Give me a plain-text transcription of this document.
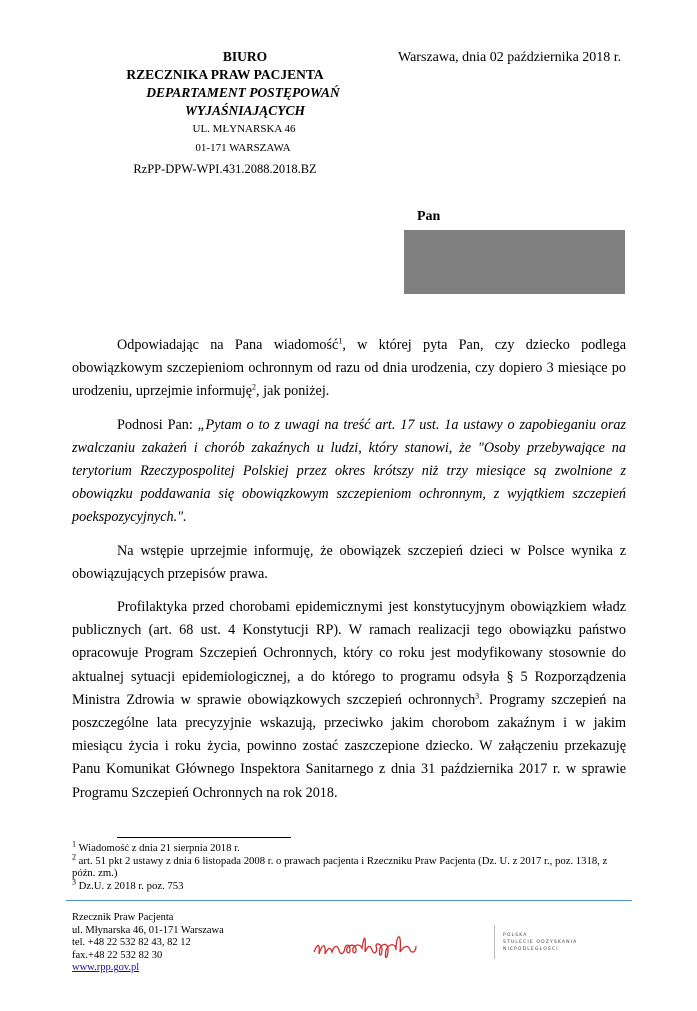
BIURO
RZECZNIKA PRAW PACJENTA
DEPARTAMENT POSTĘPOWAŃ
WYJAŚNIAJĄCYCH
UL. MŁYNARSKA 46
01-171 WARSZAWA
RzPP-DPW-WPI.431.2088.2018.BZ
Warszawa, dnia 02 października 2018 r.
Pan

Odpowiadając na Pana wiadomość$^1$, w której pyta Pan, czy dziecko podlega obowiązkowym szczepieniom ochronnym od razu od dnia urodzenia, czy dopiero 3 miesiące po urodzeniu, uprzejmie informuję$^2$, jak poniżej.

Podnosi Pan: „Pytam o to z uwagi na treść art. 17 ust. 1a ustawy o zapobieganiu oraz zwalczaniu zakażeń i chorób zakaźnych u ludzi, który stanowi, że "Osoby przebywające na terytorium Rzeczypospolitej Polskiej przez okres krótszy niż trzy miesiące są zwolnione z obowiązku poddawania się obowiązkowym szczepieniom ochronnym, z wyjątkiem szczepień poekspozycyjnych.".

Na wstępie uprzejmie informuję, że obowiązek szczepień dzieci w Polsce wynika z obowiązujących przepisów prawa.

Profilaktyka przed chorobami epidemicznymi jest konstytucyjnym obowiązkiem władz publicznych (art. 68 ust. 4 Konstytucji RP). W ramach realizacji tego obowiązku państwo opracowuje Program Szczepień Ochronnych, który co roku jest modyfikowany stosownie do aktualnej sytuacji epidemiologicznej, a do którego to programu odsyła § 5 Rozporządzenia Ministra Zdrowia w sprawie obowiązkowych szczepień ochronnych$^3$. Programy szczepień na poszczególne lata precyzyjnie wskazują, przeciwko jakim chorobom zakaźnym i w jakim miesiącu życia i roku życia, powinno zostać zaszczepione dziecko. W załączeniu przekazuję Panu Komunikat Głównego Inspektora Sanitarnego z dnia 31 października 2017 r. w sprawie Programu Szczepień Ochronnych na rok 2018.

$^1$ Wiadomość z dnia 21 sierpnia 2018 r.
$^2$ art. 51 pkt 2 ustawy z dnia 6 listopada 2008 r. o prawach pacjenta i Rzeczniku Praw Pacjenta (Dz. U. z 2017 r., poz. 1318, z późn. zm.)
$^3$ Dz.U. z 2018 r. poz. 753
Rzecznik Praw Pacjenta
ul. Młynarska 46, 01-171 Warszawa
tel. +48 22 532 82 43, 82 12
fax.+48 22 532 82 30
www.rpp.gov.pl
POLSKA
STULECIE ODZYSKANIA
NIEPODLEGŁOŚCI
